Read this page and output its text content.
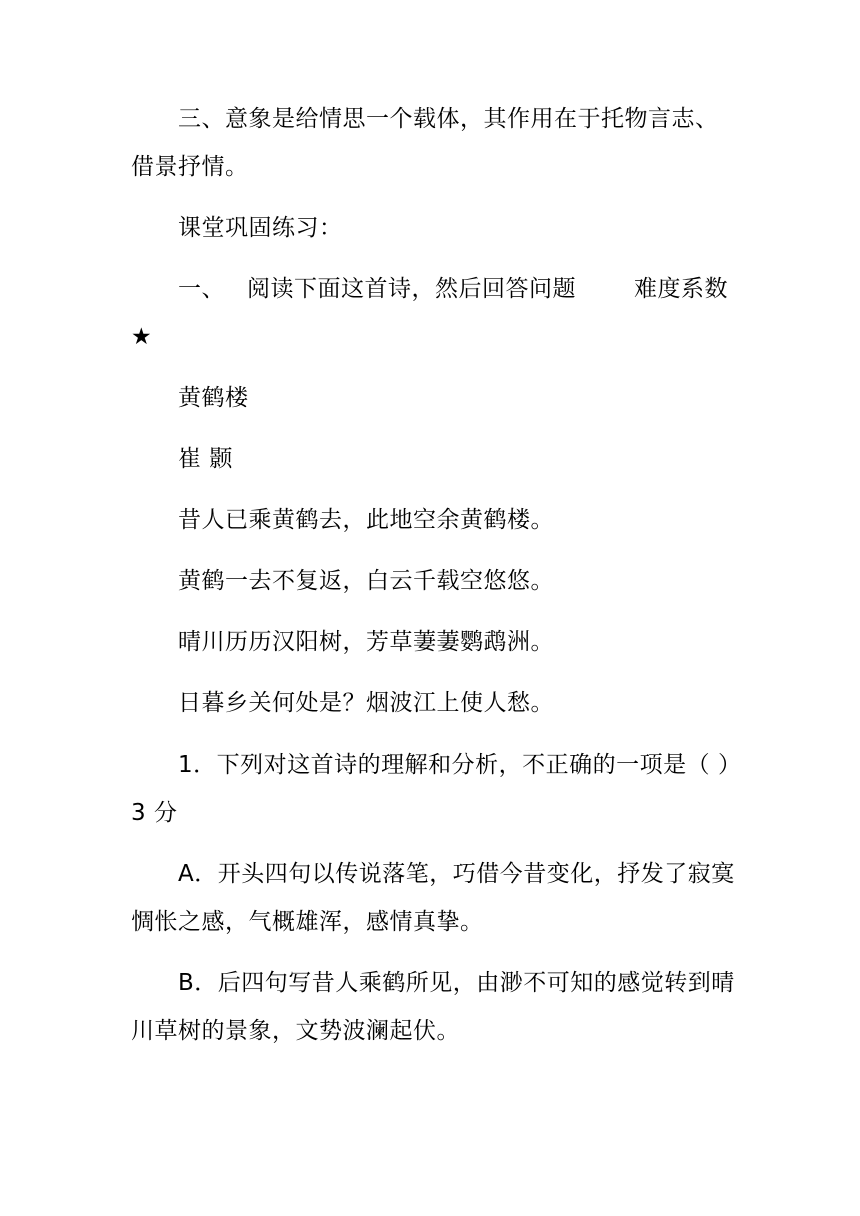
三、意象是给情思一个载体，其作用在于托物言志、
借景抒情。
课堂巩固练习：
一、 阅读下面这首诗，然后回答问题	难度系数
★
黄鹤楼
崔 颢
昔人已乘黄鹤去，此地空余黄鹤楼。
黄鹤一去不复返，白云千载空悠悠。
晴川历历汉阳树，芳草萋萋鹦鹉洲。
日暮乡关何处是？烟波江上使人愁。
1．下列对这首诗的理解和分析，不正确的一项是（ ）
3 分
A．开头四句以传说落笔，巧借今昔变化，抒发了寂寞
惆怅之感，气概雄浑，感情真挚。
B．后四句写昔人乘鹤所见，由渺不可知的感觉转到晴
川草树的景象，文势波澜起伏。
